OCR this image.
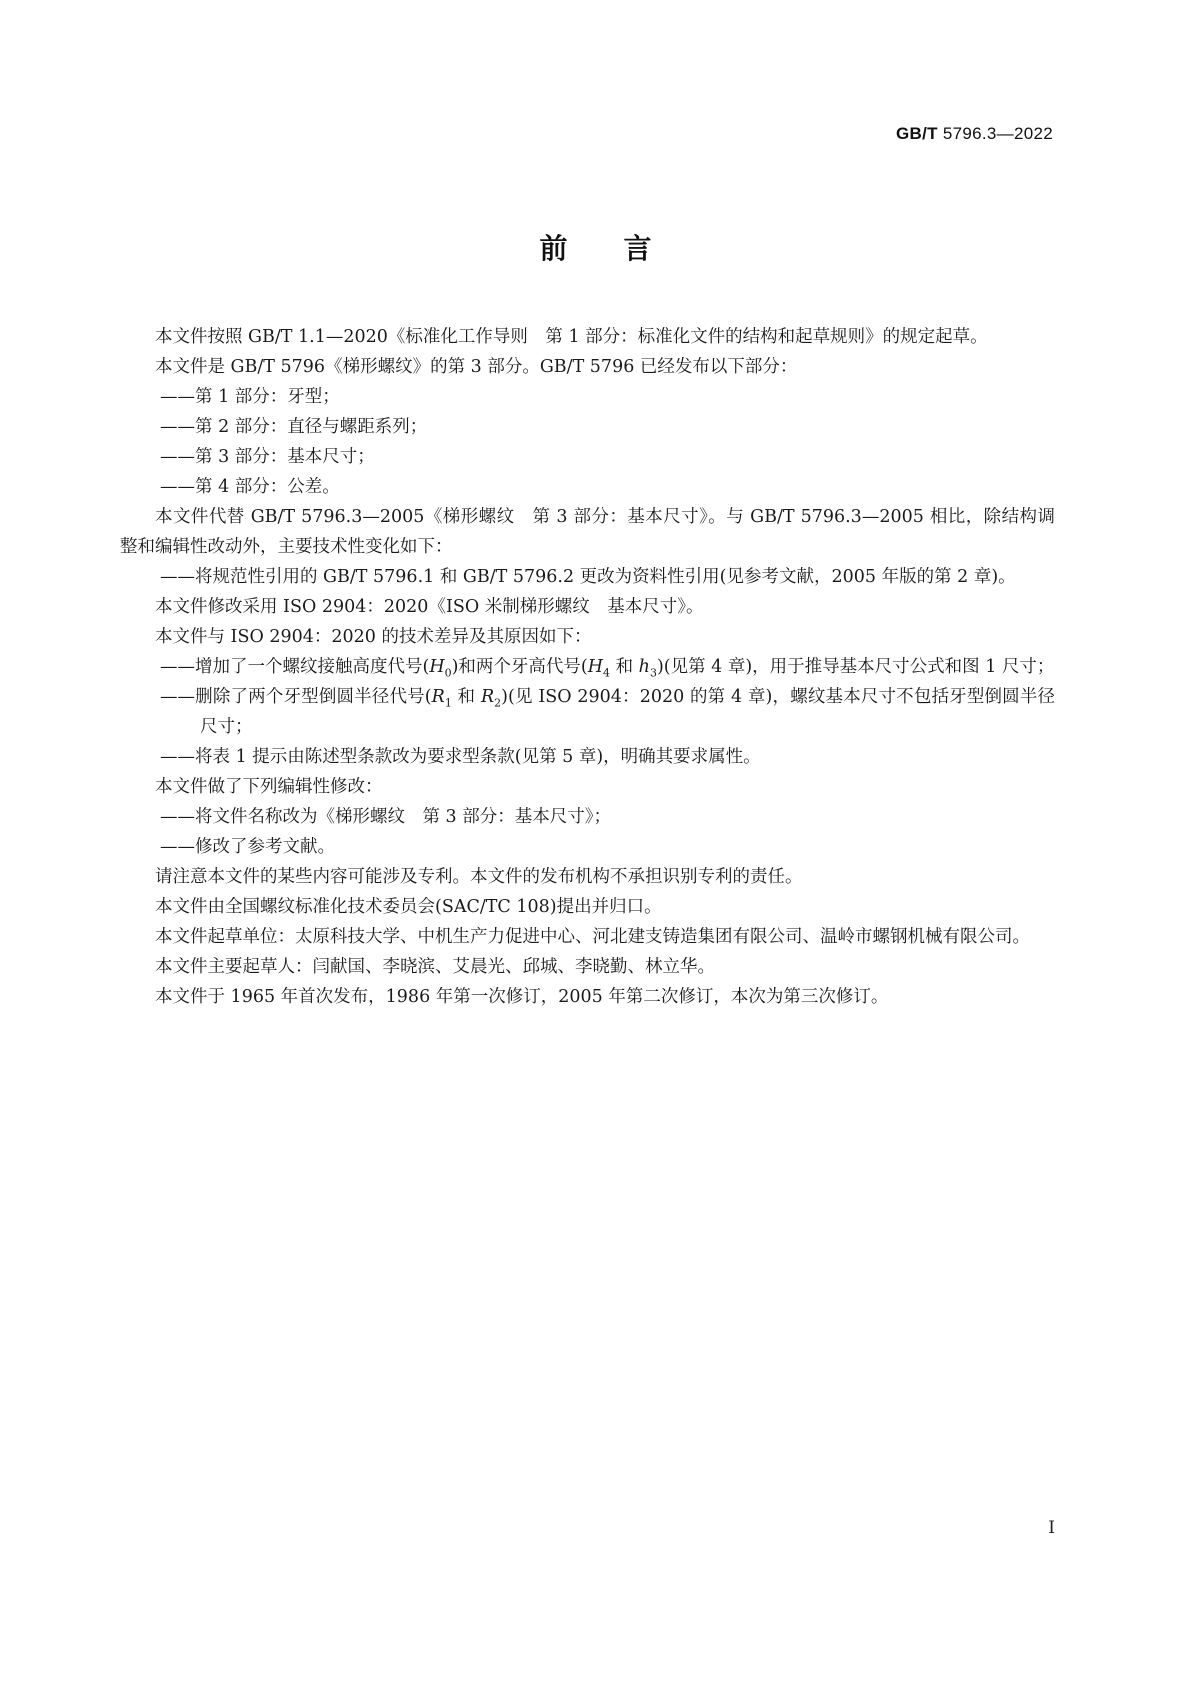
GB/T 5796.3—2022
前 言

本文件按照 GB/T 1.1—2020《标准化工作导则　第 1 部分：标准化文件的结构和起草规则》的规定起草。

本文件是 GB/T 5796《梯形螺纹》的第 3 部分。GB/T 5796 已经发布以下部分：

——第 1 部分：牙型；

——第 2 部分：直径与螺距系列；

——第 3 部分：基本尺寸；

——第 4 部分：公差。

本文件代替 GB/T 5796.3—2005《梯形螺纹　第 3 部分：基本尺寸》。与 GB/T 5796.3—2005 相比，除结构调整和编辑性改动外，主要技术性变化如下：

——将规范性引用的 GB/T 5796.1 和 GB/T 5796.2 更改为资料性引用(见参考文献，2005 年版的第 2 章)。

本文件修改采用 ISO 2904：2020《ISO 米制梯形螺纹　基本尺寸》。

本文件与 ISO 2904：2020 的技术差异及其原因如下：

——增加了一个螺纹接触高度代号$(H_0)$和两个牙高代号($H_4$ 和 $h_3$)(见第 4 章)，用于推导基本尺寸公式和图 1 尺寸；

——删除了两个牙型倒圆半径代号($R_1$ 和 $R_2$)(见 ISO 2904：2020 的第 4 章)，螺纹基本尺寸不包括牙型倒圆半径尺寸；

——将表 1 提示由陈述型条款改为要求型条款(见第 5 章)，明确其要求属性。

本文件做了下列编辑性修改：

——将文件名称改为《梯形螺纹　第 3 部分：基本尺寸》；

——修改了参考文献。

请注意本文件的某些内容可能涉及专利。本文件的发布机构不承担识别专利的责任。

本文件由全国螺纹标准化技术委员会(SAC/TC 108)提出并归口。

本文件起草单位：太原科技大学、中机生产力促进中心、河北建支铸造集团有限公司、温岭市螺钢机械有限公司。

本文件主要起草人：闫献国、李晓滨、艾晨光、邱城、李晓勤、林立华。

本文件于 1965 年首次发布，1986 年第一次修订，2005 年第二次修订，本次为第三次修订。

I
